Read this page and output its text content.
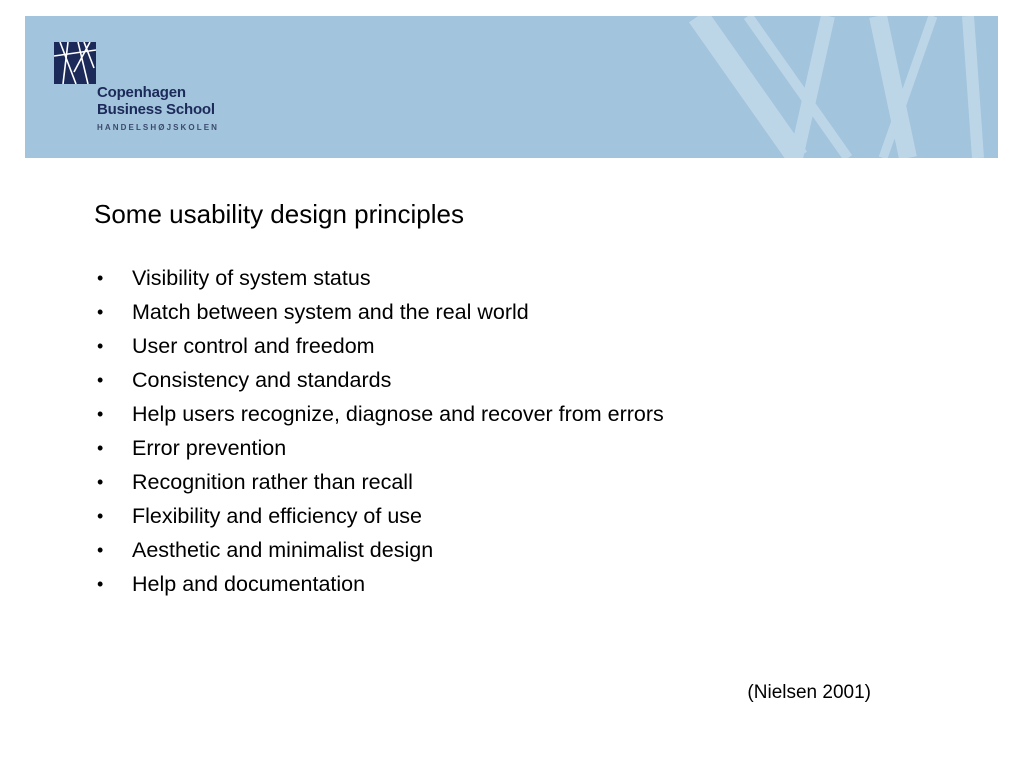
Copenhagen
Business School
HANDELSHØJSKOLEN
Some usability design principles
• Visibility of system status
• Match between system and the real world
• User control and freedom
• Consistency and standards
• Help users recognize, diagnose and recover from errors
• Error prevention
• Recognition rather than recall
• Flexibility and efficiency of use
• Aesthetic and minimalist design
• Help and documentation
(Nielsen 2001)
